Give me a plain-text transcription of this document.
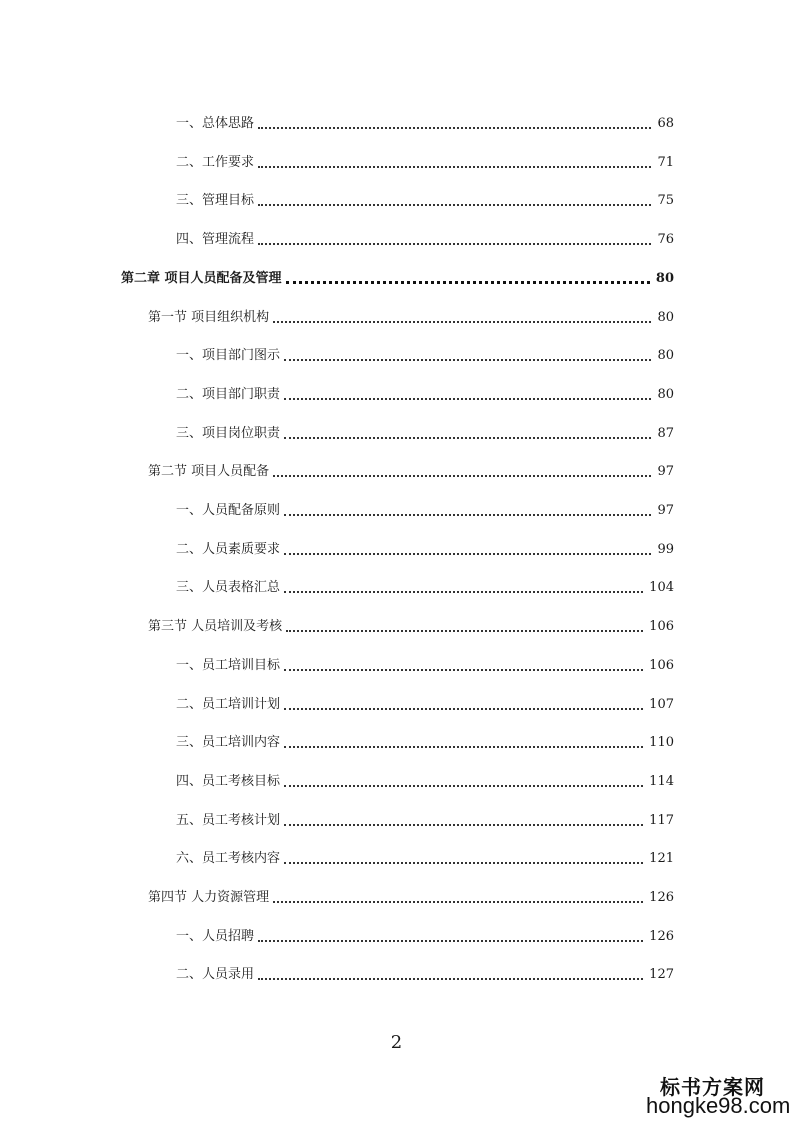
一、总体思路	68
二、工作要求	71
三、管理目标	75
四、管理流程	76
第二章 项目人员配备及管理	80
第一节 项目组织机构	80
一、项目部门图示	80
二、项目部门职责	80
三、项目岗位职责	87
第二节 项目人员配备	97
一、人员配备原则	97
二、人员素质要求	99
三、人员表格汇总	104
第三节 人员培训及考核	106
一、员工培训目标	106
二、员工培训计划	107
三、员工培训内容	110
四、员工考核目标	114
五、员工考核计划	117
六、员工考核内容	121
第四节 人力资源管理	126
一、人员招聘	126
二、人员录用	127
2
标书方案网
hongke98.com
